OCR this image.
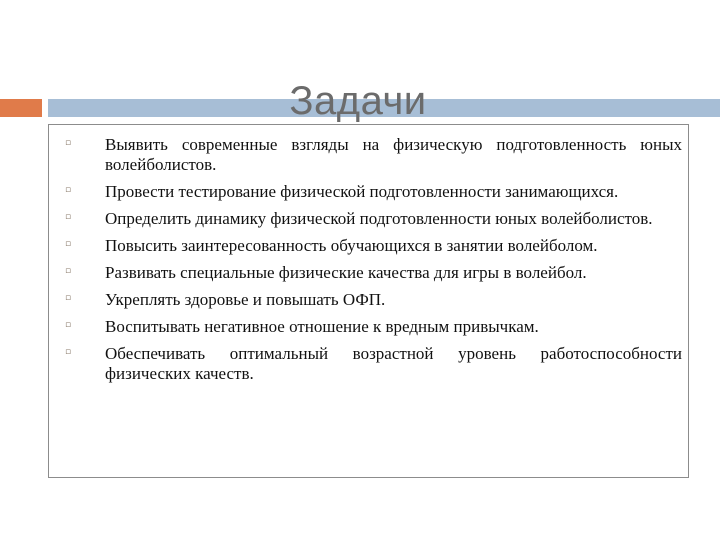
Задачи
▫ Выявить современные взгляды на физическую подготовленность юных волейболистов.
▫ Провести тестирование физической подготовленности занимающихся.
▫ Определить динамику физической подготовленности юных волейболистов.
▫ Повысить заинтересованность обучающихся в занятии волейболом.
▫ Развивать специальные физические качества для игры в волейбол.
▫ Укреплять здоровье и повышать ОФП.
▫ Воспитывать негативное отношение к вредным привычкам.
▫ Обеспечивать оптимальный возрастной уровень работоспособности физических качеств.
